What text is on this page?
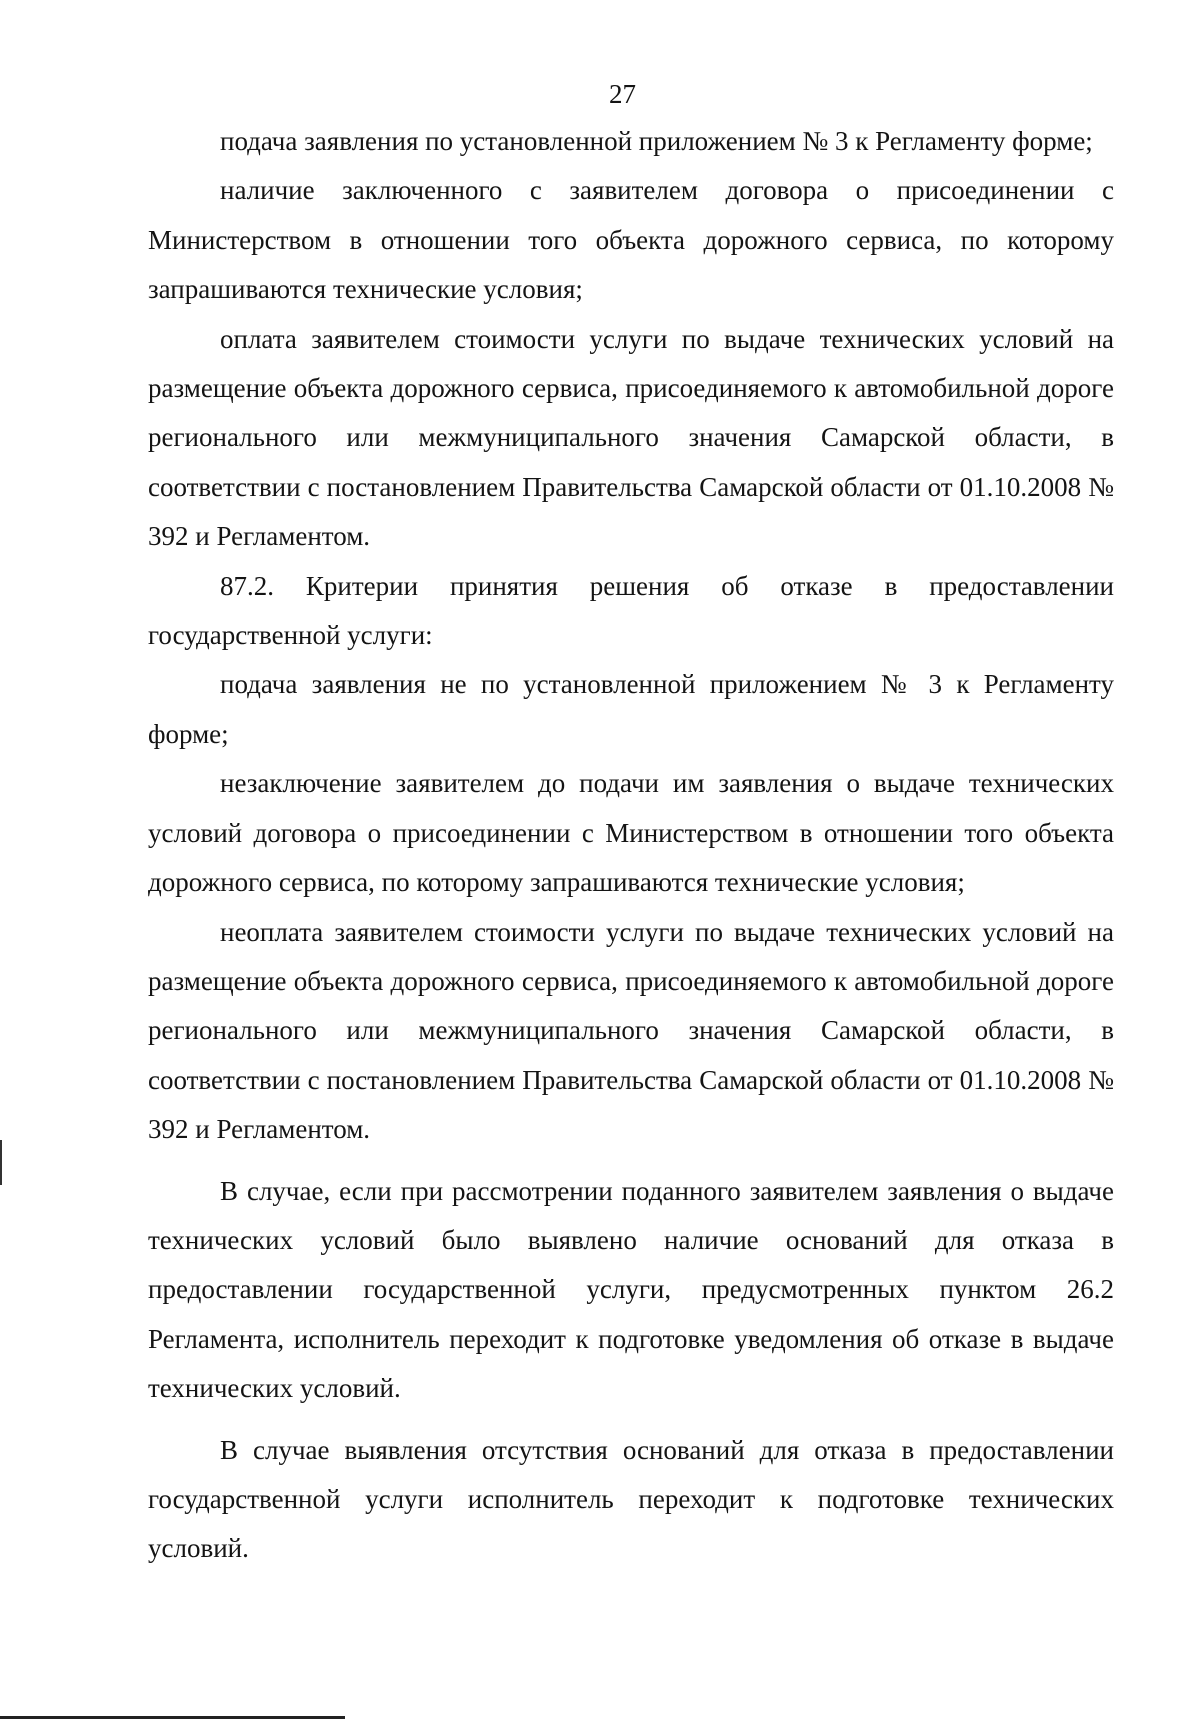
27

подача заявления по установленной приложением № 3 к Регламенту форме;

наличие заключенного с заявителем договора о присоединении с Министерством в отношении того объекта дорожного сервиса, по которому запрашиваются технические условия;

оплата заявителем стоимости услуги по выдаче технических условий на размещение объекта дорожного сервиса, присоединяемого к автомобильной дороге регионального или межмуниципального значения Самарской области, в соответствии с постановлением Правительства Самарской области от 01.10.2008 № 392 и Регламентом.

87.2. Критерии принятия решения об отказе в предоставлении государственной услуги:

подача заявления не по установленной приложением № 3 к Регламенту форме;

незаключение заявителем до подачи им заявления о выдаче технических условий договора о присоединении с Министерством в отношении того объекта дорожного сервиса, по которому запрашиваются технические условия;

неоплата заявителем стоимости услуги по выдаче технических условий на размещение объекта дорожного сервиса, присоединяемого к автомобильной дороге регионального или межмуниципального значения Самарской области, в соответствии с постановлением Правительства Самарской области от 01.10.2008 № 392 и Регламентом.

В случае, если при рассмотрении поданного заявителем заявления о выдаче технических условий было выявлено наличие оснований для отказа в предоставлении государственной услуги, предусмотренных пунктом 26.2 Регламента, исполнитель переходит к подготовке уведомления об отказе в выдаче технических условий.

В случае выявления отсутствия оснований для отказа в предоставлении государственной услуги исполнитель переходит к подготовке технических условий.
